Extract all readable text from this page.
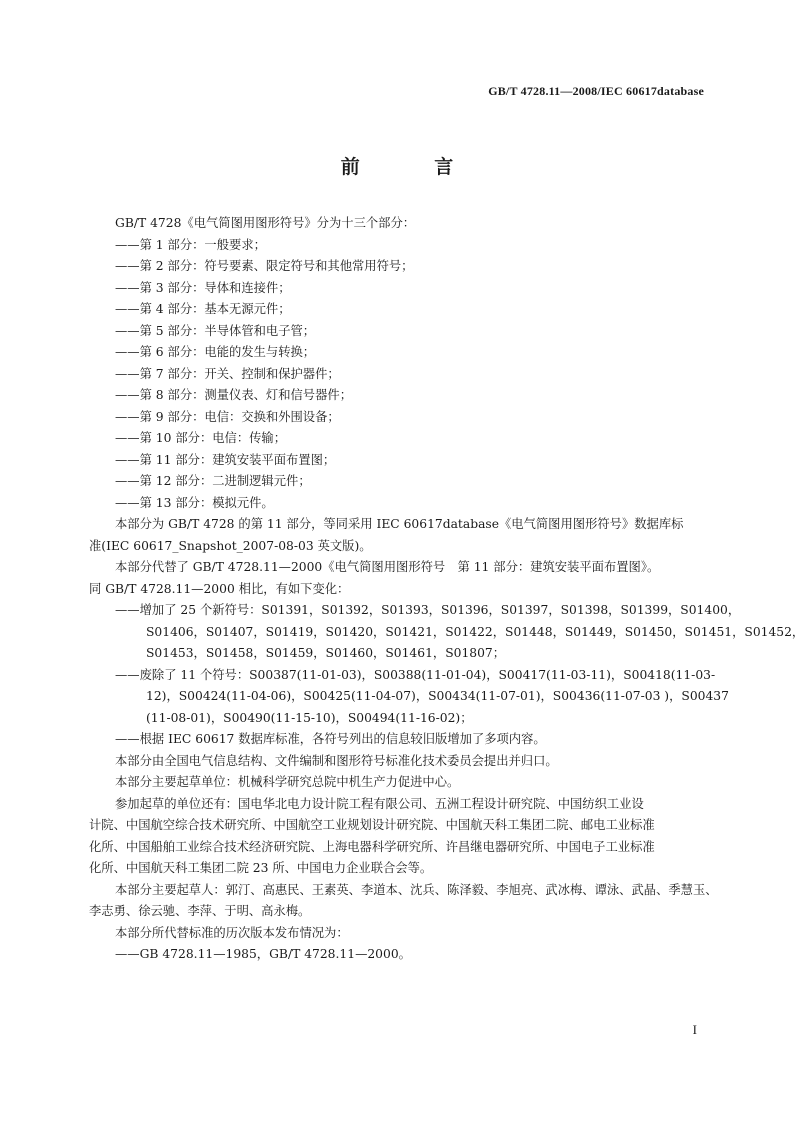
GB/T 4728.11—2008/IEC 60617database
前 言

GB/T 4728《电气简图用图形符号》分为十三个部分：

——第 1 部分：一般要求；

——第 2 部分：符号要素、限定符号和其他常用符号；

——第 3 部分：导体和连接件；

——第 4 部分：基本无源元件；

——第 5 部分：半导体管和电子管；

——第 6 部分：电能的发生与转换；

——第 7 部分：开关、控制和保护器件；

——第 8 部分：测量仪表、灯和信号器件；

——第 9 部分：电信：交换和外围设备；

——第 10 部分：电信：传输；

——第 11 部分：建筑安装平面布置图；

——第 12 部分：二进制逻辑元件；

——第 13 部分：模拟元件。

本部分为 GB/T 4728 的第 11 部分，等同采用 IEC 60617database《电气简图用图形符号》数据库标

准(IEC 60617_Snapshot_2007-08-03 英文版)。

本部分代替了 GB/T 4728.11—2000《电气简图用图形符号　第 11 部分：建筑安装平面布置图》。

同 GB/T 4728.11—2000 相比，有如下变化：

——增加了 25 个新符号：S01391，S01392，S01393，S01396，S01397，S01398，S01399，S01400，

S01406，S01407，S01419，S01420，S01421，S01422，S01448，S01449，S01450，S01451，S01452，

S01453，S01458，S01459，S01460，S01461，S01807；

——废除了 11 个符号：S00387(11-01-03)，S00388(11-01-04)，S00417(11-03-11)，S00418(11-03-

12)，S00424(11-04-06)，S00425(11-04-07)，S00434(11-07-01)，S00436(11-07-03 )，S00437

(11-08-01)，S00490(11-15-10)，S00494(11-16-02)；

——根据 IEC 60617 数据库标准，各符号列出的信息较旧版增加了多项内容。

本部分由全国电气信息结构、文件编制和图形符号标准化技术委员会提出并归口。

本部分主要起草单位：机械科学研究总院中机生产力促进中心。

参加起草的单位还有：国电华北电力设计院工程有限公司、五洲工程设计研究院、中国纺织工业设

计院、中国航空综合技术研究所、中国航空工业规划设计研究院、中国航天科工集团二院、邮电工业标准

化所、中国船舶工业综合技术经济研究院、上海电器科学研究所、许昌继电器研究所、中国电子工业标准

化所、中国航天科工集团二院 23 所、中国电力企业联合会等。

本部分主要起草人：郭汀、高惠民、王素英、李道本、沈兵、陈泽毅、李旭亮、武冰梅、谭泳、武晶、季慧玉、

李志勇、徐云驰、李萍、于明、高永梅。

本部分所代替标准的历次版本发布情况为：

——GB 4728.11—1985，GB/T 4728.11—2000。

I
